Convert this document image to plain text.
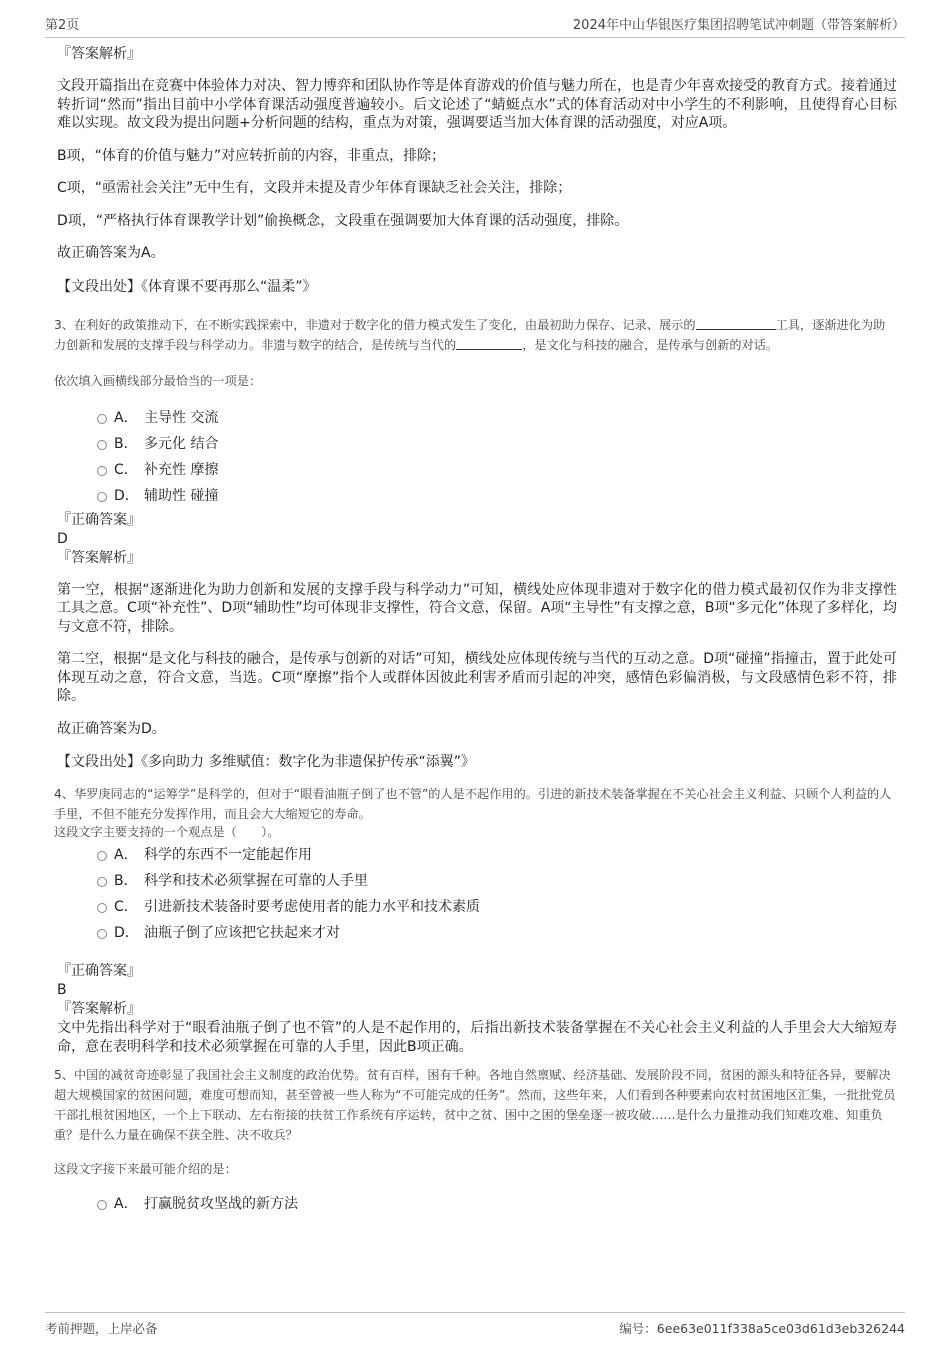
第2页	2024年中山华银医疗集团招聘笔试冲刺题（带答案解析）

『答案解析』

文段开篇指出在竞赛中体验体力对决、智力博弈和团队协作等是体育游戏的价值与魅力所在，也是青少年喜欢接受的教育方式。接着通过转折词“然而”指出目前中小学体育课活动强度普遍较小。后文论述了“蜻蜓点水”式的体育活动对中小学生的不利影响，且使得育心目标难以实现。故文段为提出问题+分析问题的结构，重点为对策，强调要适当加大体育课的活动强度，对应A项。

B项，“体育的价值与魅力”对应转折前的内容，非重点，排除；

C项，“亟需社会关注”无中生有，文段并未提及青少年体育课缺乏社会关注，排除；

D项，“严格执行体育课教学计划”偷换概念，文段重在强调要加大体育课的活动强度，排除。

故正确答案为A。

【文段出处】《体育课不要再那么“温柔”》

3、在利好的政策推动下，在不断实践探索中，非遗对于数字化的借力模式发生了变化，由最初助力保存、记录、展示的	工具，逐渐进化为助力创新和发展的支撑手段与科学动力。非遗与数字的结合，是传统与当代的	，是文化与科技的融合，是传承与创新的对话。

依次填入画横线部分最恰当的一项是：

A． 主导性 交流
B． 多元化 结合
C． 补充性 摩擦
D． 辅助性 碰撞

『正确答案』

D

『答案解析』

第一空，根据“逐渐进化为助力创新和发展的支撑手段与科学动力”可知，横线处应体现非遗对于数字化的借力模式最初仅作为非支撑性工具之意。C项“补充性”、D项“辅助性”均可体现非支撑性，符合文意，保留。A项“主导性”有支撑之意，B项“多元化”体现了多样化，均与文意不符，排除。

第二空，根据“是文化与科技的融合，是传承与创新的对话”可知，横线处应体现传统与当代的互动之意。D项“碰撞”指撞击，置于此处可体现互动之意，符合文意，当选。C项“摩擦”指个人或群体因彼此利害矛盾而引起的冲突，感情色彩偏消极，与文段感情色彩不符，排除。

故正确答案为D。

【文段出处】《多向助力 多维赋值：数字化为非遗保护传承“添翼”》

4、华罗庚同志的“运筹学”是科学的，但对于“眼看油瓶子倒了也不管”的人是不起作用的。引进的新技术装备掌握在不关心社会主义利益、只顾个人利益的人手里，不但不能充分发挥作用，而且会大大缩短它的寿命。

这段文字主要支持的一个观点是（　　）。

A． 科学的东西不一定能起作用
B． 科学和技术必须掌握在可靠的人手里
C． 引进新技术装备时要考虑使用者的能力水平和技术素质
D． 油瓶子倒了应该把它扶起来才对

『正确答案』

B

『答案解析』

文中先指出科学对于“眼看油瓶子倒了也不管”的人是不起作用的，后指出新技术装备掌握在不关心社会主义利益的人手里会大大缩短寿命，意在表明科学和技术必须掌握在可靠的人手里，因此B项正确。

5、中国的减贫奇迹彰显了我国社会主义制度的政治优势。贫有百样，困有千种。各地自然禀赋、经济基础、发展阶段不同，贫困的源头和特征各异，要解决超大规模国家的贫困问题，难度可想而知，甚至曾被一些人称为“不可能完成的任务”。然而，这些年来，人们看到各种要素向农村贫困地区汇集，一批批党员干部扎根贫困地区，一个上下联动、左右衔接的扶贫工作系统有序运转，贫中之贫、困中之困的堡垒逐一被攻破……是什么力量推动我们知难攻难、知重负重？是什么力量在确保不获全胜、决不收兵？

这段文字接下来最可能介绍的是：

A． 打赢脱贫攻坚战的新方法
考前押题，上岸必备	编号：6ee63e011f338a5ce03d61d3eb326244
